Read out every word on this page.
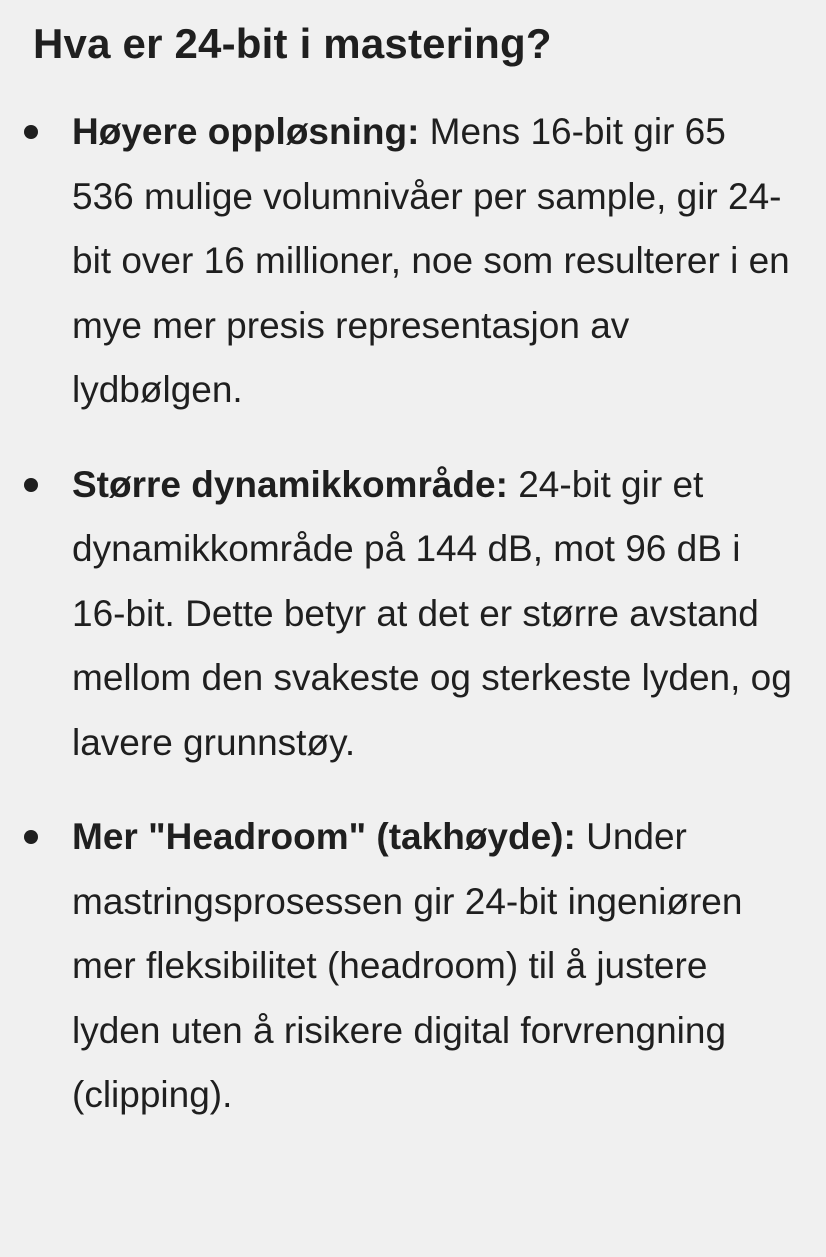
Hva er 24-bit i mastering?
Høyere oppløsning: Mens 16-bit gir 65 536 mulige volumnivåer per sample, gir 24-bit over 16 millioner, noe som resulterer i en mye mer presis representasjon av lydbølgen.
Større dynamikkområde: 24-bit gir et dynamikkområde på 144 dB, mot 96 dB i 16-bit. Dette betyr at det er større avstand mellom den svakeste og sterkeste lyden, og lavere grunnstøy.
Mer "Headroom" (takhøyde): Under mastringsprosessen gir 24-bit ingeniøren mer fleksibilitet (headroom) til å justere lyden uten å risikere digital forvrengning (clipping).
